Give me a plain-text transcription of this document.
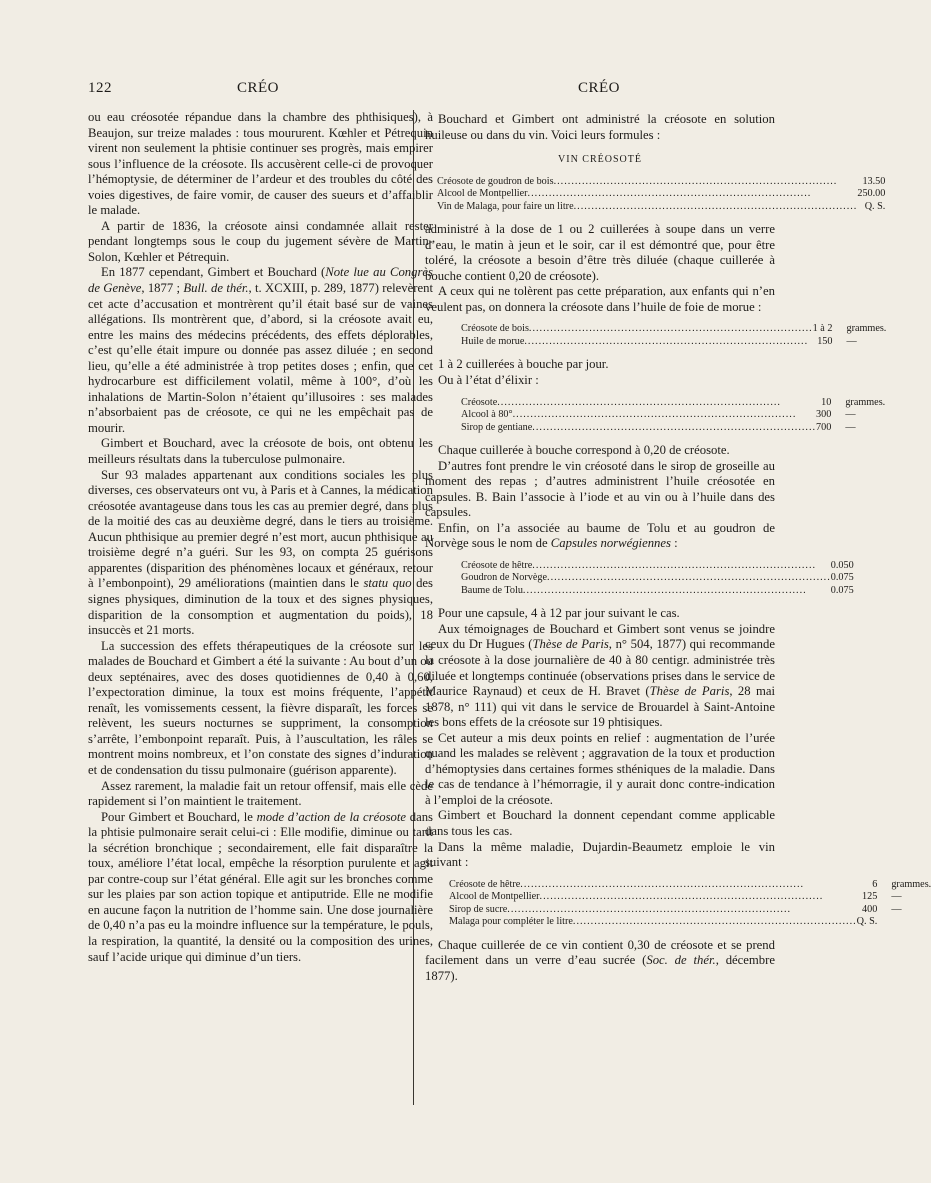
122	CRÉO	CRÉO

ou eau créosotée répandue dans la chambre des phthisiques), à Beaujon, sur treize malades : tous moururent. Kœhler et Pétrequin virent non seulement la phtisie continuer ses progrès, mais empirer sous l’influence de la créosote. Ils accusèrent celle-ci de provoquer l’hémoptysie, de déterminer de l’ardeur et des troubles du côté des voies digestives, de faire vomir, de causer des sueurs et d’affaiblir le malade.

A partir de 1836, la créosote ainsi condamnée allait rester pendant longtemps sous le coup du jugement sévère de Martin-Solon, Kœhler et Pétrequin.

En 1877 cependant, Gimbert et Bouchard (Note lue au Congrès de Genève, 1877 ; Bull. de thér., t. XCXIII, p. 289, 1877) relevèrent cet acte d’accusation et montrèrent qu’il était basé sur de vaines allégations. Ils montrèrent que, d’abord, si la créosote avait eu, entre les mains des médecins précédents, des effets déplorables, c’est qu’elle était impure ou donnée pas assez diluée ; en second lieu, qu’elle a été administrée à trop petites doses ; enfin, que cet hydrocarbure est difficilement volatil, même à 100°, d’où les inhalations de Martin-Solon n’étaient qu’illusoires : ses malades n’absorbaient pas de créosote, ce qui ne les empêchait pas de mourir.

Gimbert et Bouchard, avec la créosote de bois, ont obtenu les meilleurs résultats dans la tuberculose pulmonaire.

Sur 93 malades appartenant aux conditions sociales les plus diverses, ces observateurs ont vu, à Paris et à Cannes, la médication créosotée avantageuse dans tous les cas au premier degré, dans plus de la moitié des cas au deuxième degré, dans le tiers au troisième. Aucun phthisique au premier degré n’est mort, aucun phthisique au troisième degré n’a guéri. Sur les 93, on compta 25 guérisons apparentes (disparition des phénomènes locaux et généraux, retour à l’embonpoint), 29 améliorations (maintien dans le statu quo des signes physiques, diminution de la toux et des signes physiques, disparition de la consomption et augmentation du poids), 18 insuccès et 21 morts.

La succession des effets thérapeutiques de la créosote sur les malades de Bouchard et Gimbert a été la suivante : Au bout d’un ou deux septénaires, avec des doses quotidiennes de 0,40 à 0,60, l’expectoration diminue, la toux est moins fréquente, l’appétit renaît, les vomissements cessent, la fièvre disparaît, les forces se relèvent, les sueurs nocturnes se suppriment, la consomption s’arrête, l’embonpoint reparaît. Puis, à l’auscultation, les râles se montrent moins nombreux, et l’on constate des signes d’induration et de condensation du tissu pulmonaire (guérison apparente).

Assez rarement, la maladie fait un retour offensif, mais elle cède rapidement si l’on maintient le traitement.

Pour Gimbert et Bouchard, le mode d’action de la créosote dans la phtisie pulmonaire serait celui-ci : Elle modifie, diminue ou tarit la sécrétion bronchique ; secondairement, elle fait disparaître la toux, améliore l’état local, empêche la résorption purulente et agit par contre-coup sur l’état général. Elle agit sur les bronches comme sur les plaies par son action topique et antiputride. Elle ne modifie en aucune façon la nutrition de l’homme sain. Une dose journalière de 0,40 n’a pas eu la moindre influence sur la température, le pouls, la respiration, la quantité, la densité ou la composition des urines, sauf l’acide urique qui diminue d’un tiers.

Bouchard et Gimbert ont administré la créosote en solution huileuse ou dans du vin. Voici leurs formules :

VIN CRÉOSOTÉ
Créosote de goudron de bois................................................................................	13.50
Alcool de Montpellier................................................................................	250.00
Vin de Malaga, pour faire un litre................................................................................	Q. S.

administré à la dose de 1 ou 2 cuillerées à soupe dans un verre d’eau, le matin à jeun et le soir, car il est démontré que, pour être toléré, la créosote a besoin d’être très diluée (chaque cuillerée à bouche contient 0,20 de créosote).

A ceux qui ne tolèrent pas cette préparation, aux enfants qui n’en veulent pas, on donnera la créosote dans l’huile de foie de morue :

Créosote de bois................................................................................	1 à 2	grammes.
Huile de morue................................................................................	150	—

1 à 2 cuillerées à bouche par jour.

Ou à l’état d’élixir :

Créosote................................................................................	10	grammes.
Alcool à 80°................................................................................	300	—
Sirop de gentiane................................................................................	700	—

Chaque cuillerée à bouche correspond à 0,20 de créosote.

D’autres font prendre le vin créosoté dans le sirop de groseille au moment des repas ; d’autres administrent l’huile créosotée en capsules. B. Bain l’associe à l’iode et au vin ou à l’huile dans des capsules.

Enfin, on l’a associée au baume de Tolu et au goudron de Norvège sous le nom de Capsules norwégiennes :

Créosote de hêtre................................................................................	0.050
Goudron de Norvège................................................................................	0.075
Baume de Tolu................................................................................	0.075

Pour une capsule, 4 à 12 par jour suivant le cas.

Aux témoignages de Bouchard et Gimbert sont venus se joindre ceux du Dr Hugues (Thèse de Paris, n° 504, 1877) qui recommande la créosote à la dose journalière de 40 à 80 centigr. administrée très diluée et longtemps continuée (observations prises dans le service de Maurice Raynaud) et ceux de H. Bravet (Thèse de Paris, 28 mai 1878, n° 111) qui vit dans le service de Brouardel à Saint-Antoine les bons effets de la créosote sur 19 phtisiques.

Cet auteur a mis deux points en relief : augmentation de l’urée quand les malades se relèvent ; aggravation de la toux et production d’hémoptysies dans certaines formes sthéniques de la maladie. Dans le cas de tendance à l’hémorragie, il y aurait donc contre-indication à l’emploi de la créosote.

Gimbert et Bouchard la donnent cependant comme applicable dans tous les cas.

Dans la même maladie, Dujardin-Beaumetz emploie le vin suivant :

Créosote de hêtre................................................................................	6	grammes.
Alcool de Montpellier................................................................................	125	—
Sirop de sucre................................................................................	400	—
Malaga pour compléter le litre................................................................................	Q. S.	

Chaque cuillerée de ce vin contient 0,30 de créosote et se prend facilement dans un verre d’eau sucrée (Soc. de thér., décembre 1877).
